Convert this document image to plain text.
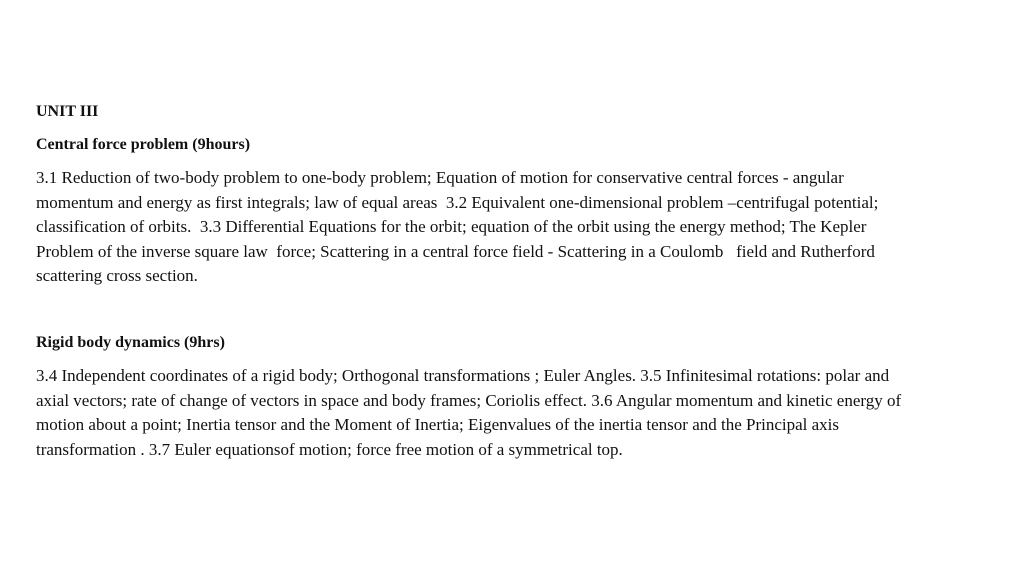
UNIT III
Central force problem (9hours)
3.1 Reduction of two-body problem to one-body problem; Equation of motion for conservative central forces - angular
momentum and energy as first integrals; law of equal areas  3.2 Equivalent one-dimensional problem –centrifugal potential;
classification of orbits.  3.3 Differential Equations for the orbit; equation of the orbit using the energy method; The Kepler
Problem of the inverse square law  force; Scattering in a central force field - Scattering in a Coulomb   field and Rutherford
scattering cross section.
Rigid body dynamics (9hrs)
3.4 Independent coordinates of a rigid body; Orthogonal transformations ; Euler Angles. 3.5 Infinitesimal rotations: polar and
axial vectors; rate of change of vectors in space and body frames; Coriolis effect. 3.6 Angular momentum and kinetic energy of
motion about a point; Inertia tensor and the Moment of Inertia; Eigenvalues of the inertia tensor and the Principal axis
transformation . 3.7 Euler equationsof motion; force free motion of a symmetrical top.
